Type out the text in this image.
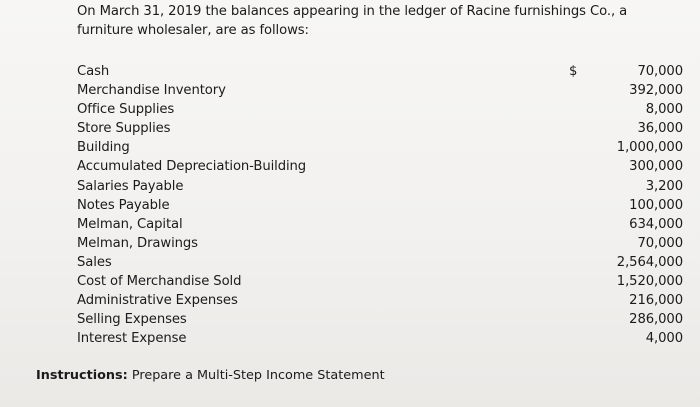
On March 31, 2019 the balances appearing in the ledger of Racine furnishings Co., a furniture wholesaler, are as follows:

Cash	$	70,000
Merchandise Inventory	392,000
Office Supplies	8,000
Store Supplies	36,000
Building	1,000,000
Accumulated Depreciation-Building	300,000
Salaries Payable	3,200
Notes Payable	100,000
Melman, Capital	634,000
Melman, Drawings	70,000
Sales	2,564,000
Cost of Merchandise Sold	1,520,000
Administrative Expenses	216,000
Selling Expenses	286,000
Interest Expense	4,000
Instructions: Prepare a Multi-Step Income Statement
